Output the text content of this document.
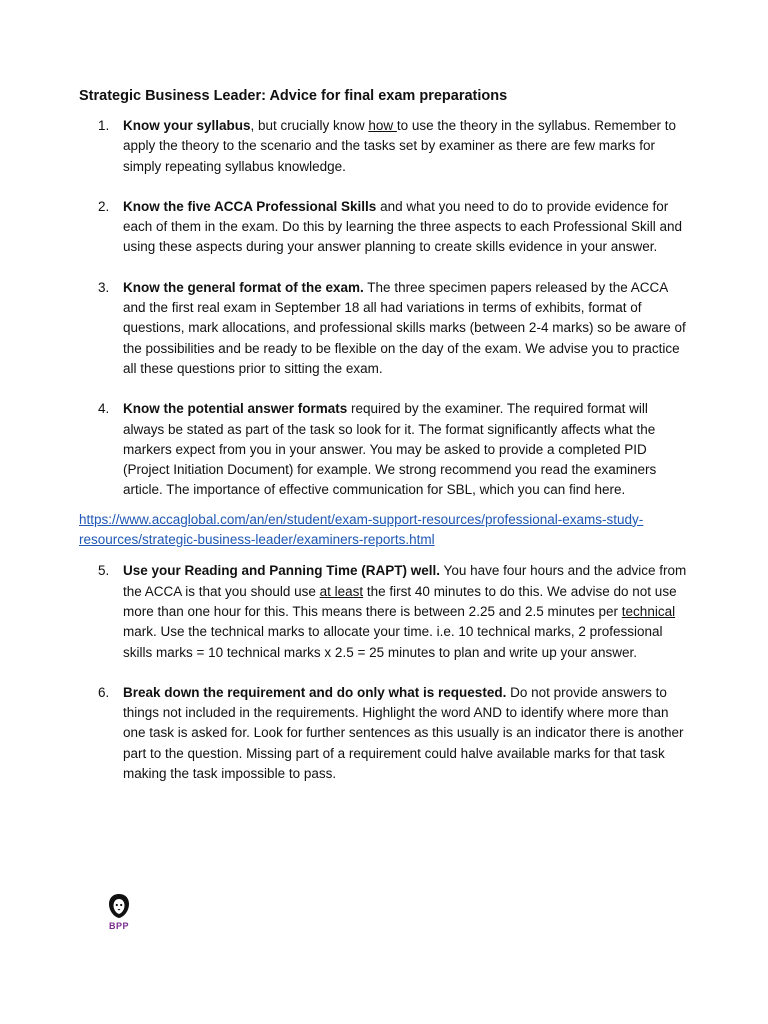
Strategic Business Leader: Advice for final exam preparations
1. Know your syllabus, but crucially know how to use the theory in the syllabus. Remember to apply the theory to the scenario and the tasks set by examiner as there are few marks for simply repeating syllabus knowledge.
2. Know the five ACCA Professional Skills and what you need to do to provide evidence for each of them in the exam. Do this by learning the three aspects to each Professional Skill and using these aspects during your answer planning to create skills evidence in your answer.
3. Know the general format of the exam. The three specimen papers released by the ACCA and the first real exam in September 18 all had variations in terms of exhibits, format of questions, mark allocations, and professional skills marks (between 2-4 marks) so be aware of the possibilities and be ready to be flexible on the day of the exam. We advise you to practice all these questions prior to sitting the exam.
4. Know the potential answer formats required by the examiner. The required format will always be stated as part of the task so look for it. The format significantly affects what the markers expect from you in your answer. You may be asked to provide a completed PID (Project Initiation Document) for example. We strong recommend you read the examiners article. The importance of effective communication for SBL, which you can find here.
https://www.accaglobal.com/an/en/student/exam-support-resources/professional-exams-study-resources/strategic-business-leader/examiners-reports.html
5. Use your Reading and Panning Time (RAPT) well. You have four hours and the advice from the ACCA is that you should use at least the first 40 minutes to do this. We advise do not use more than one hour for this. This means there is between 2.25 and 2.5 minutes per technical mark. Use the technical marks to allocate your time. i.e. 10 technical marks, 2 professional skills marks = 10 technical marks x 2.5 = 25 minutes to plan and write up your answer.
6. Break down the requirement and do only what is requested. Do not provide answers to things not included in the requirements. Highlight the word AND to identify where more than one task is asked for. Look for further sentences as this usually is an indicator there is another part to the question. Missing part of a requirement could halve available marks for that task making the task impossible to pass.
BPP
